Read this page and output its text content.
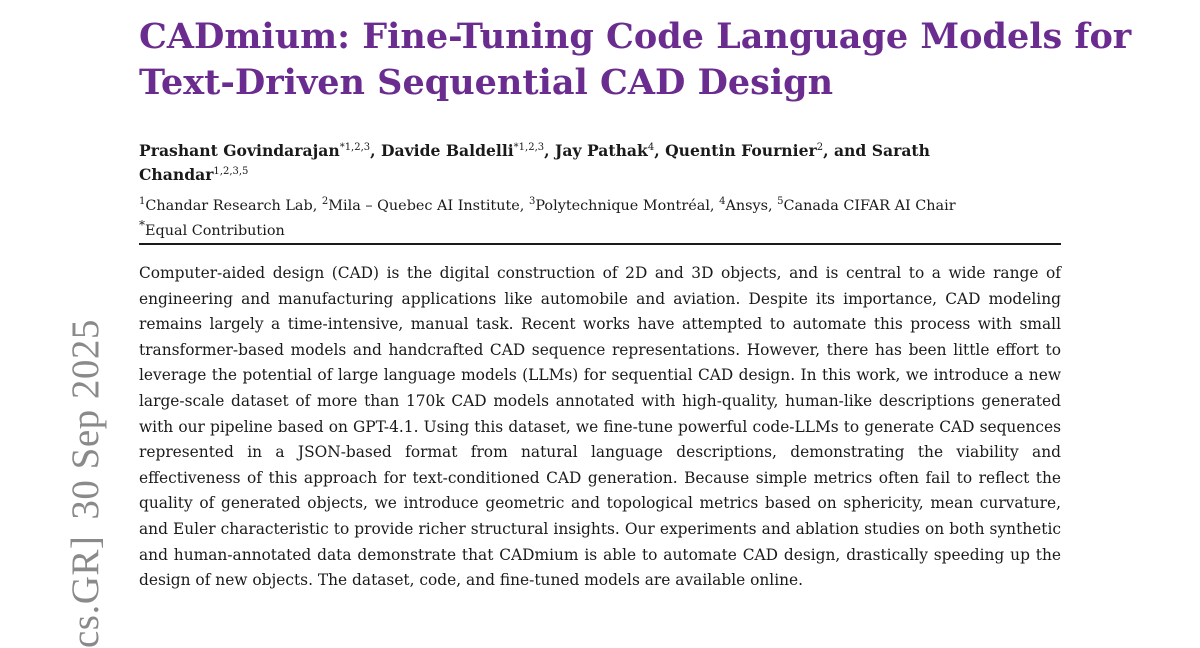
cs.GR]30 Sep 2025
CADmium: Fine-Tuning Code Language Models for Text-Driven Sequential CAD Design
Prashant Govindarajan$^{*1,2,3}$, Davide Baldelli$^{*1,2,3}$, Jay Pathak$^4$, Quentin Fournier$^2$, and Sarath Chandar$^{1,2,3,5}$
$^1$Chandar Research Lab, $^2$Mila – Quebec AI Institute, $^3$Polytechnique Montréal, $^4$Ansys, $^5$Canada CIFAR AI Chair
*Equal Contribution

Computer-aided design (CAD) is the digital construction of 2D and 3D objects, and is central to a wide range of engineering and manufacturing applications like automobile and aviation. Despite its importance, CAD modeling remains largely a time-intensive, manual task. Recent works have attempted to automate this process with small transformer-based models and handcrafted CAD sequence representations. However, there has been little effort to leverage the potential of large language models (LLMs) for sequential CAD design. In this work, we introduce a new large-scale dataset of more than 170k CAD models annotated with high-quality, human-like descriptions generated with our pipeline based on GPT-4.1. Using this dataset, we fine-tune powerful code-LLMs to generate CAD sequences represented in a JSON-based format from natural language descriptions, demonstrating the viability and effectiveness of this approach for text-conditioned CAD generation. Because simple metrics often fail to reflect the quality of generated objects, we introduce geometric and topological metrics based on sphericity, mean curvature, and Euler characteristic to provide richer structural insights. Our experiments and ablation studies on both synthetic and human-annotated data demonstrate that CADmium is able to automate CAD design, drastically speeding up the design of new objects. The dataset, code, and fine-tuned models are available online.
